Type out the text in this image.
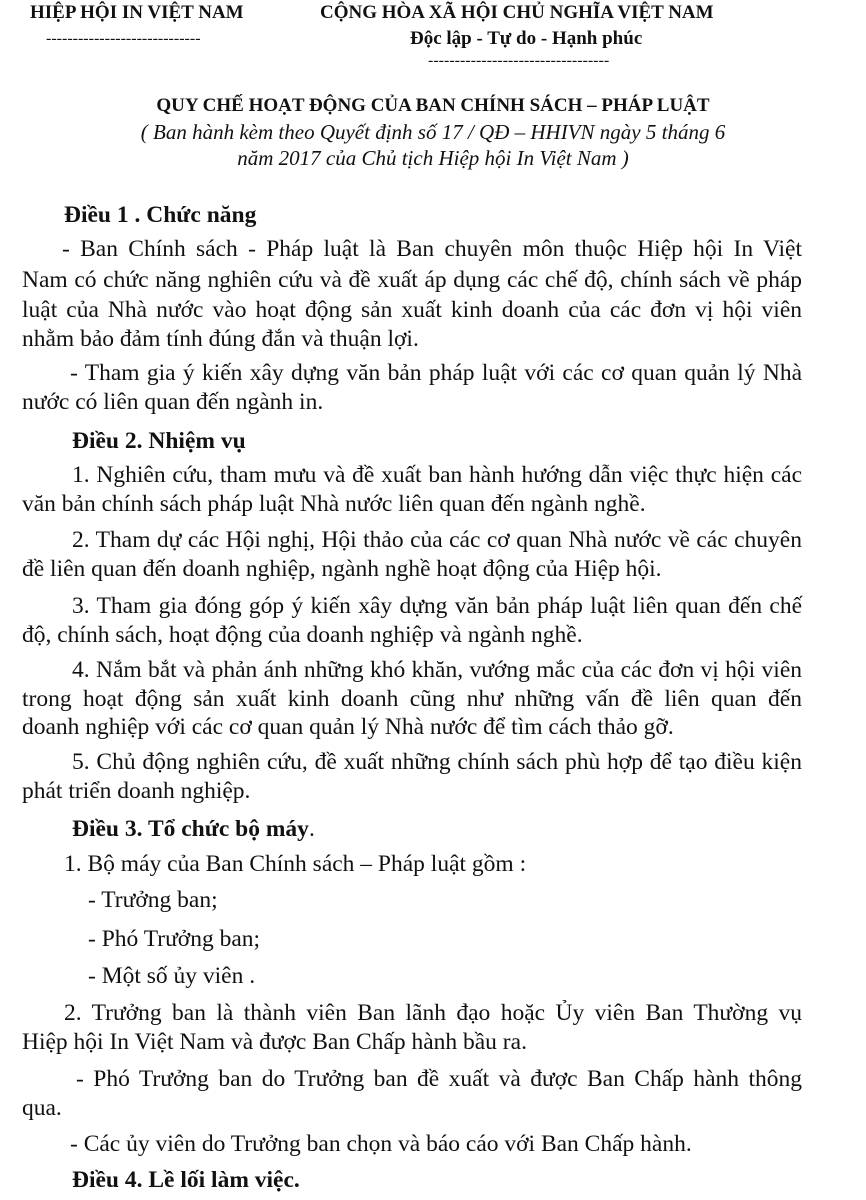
HIỆP HỘI IN VIỆT NAM
-----------------------------
CỘNG HÒA XÃ HỘI CHỦ NGHĨA VIỆT NAM
Độc lập - Tự do - Hạnh phúc
----------------------------------
QUY CHẾ HOẠT ĐỘNG CỦA BAN CHÍNH SÁCH – PHÁP LUẬT
( Ban hành kèm theo Quyết định số 17 / QĐ – HHIVN ngày 5 tháng 6
năm 2017 của Chủ tịch Hiệp hội In Việt Nam )
Điều 1 . Chức năng
- Ban Chính sách - Pháp luật là Ban chuyên môn thuộc Hiệp hội In Việt
Nam có chức năng nghiên cứu và đề xuất áp dụng các chế độ, chính sách về pháp
luật của Nhà nước vào hoạt động sản xuất kinh doanh của các đơn vị hội viên
nhằm bảo đảm tính đúng đắn và thuận lợi.
- Tham gia ý kiến xây dựng văn bản pháp luật với các cơ quan quản lý Nhà
nước có liên quan đến ngành in.
Điều 2. Nhiệm vụ
1. Nghiên cứu, tham mưu và đề xuất ban hành hướng dẫn việc thực hiện các
văn bản chính sách pháp luật Nhà nước liên quan đến ngành nghề.
2. Tham dự các Hội nghị, Hội thảo của các cơ quan Nhà nước về các chuyên
đề liên quan đến doanh nghiệp, ngành nghề hoạt động của Hiệp hội.
3. Tham gia đóng góp ý kiến xây dựng văn bản pháp luật liên quan đến chế
độ, chính sách, hoạt động của doanh nghiệp và ngành nghề.
4. Nắm bắt và phản ánh những khó khăn, vướng mắc của các đơn vị hội viên
trong hoạt động sản xuất kinh doanh cũng như những vấn đề liên quan đến
doanh nghiệp với các cơ quan quản lý Nhà nước để tìm cách thảo gỡ.
5. Chủ động nghiên cứu, đề xuất những chính sách phù hợp để tạo điều kiện
phát triển doanh nghiệp.
Điều 3. Tổ chức bộ máy.
1. Bộ máy của Ban Chính sách – Pháp luật gồm :
- Trưởng ban;
- Phó Trưởng ban;
- Một số ủy viên .
2. Trưởng ban là thành viên Ban lãnh đạo hoặc Ủy viên Ban Thường vụ
Hiệp hội In Việt Nam và được Ban Chấp hành bầu ra.
- Phó Trưởng ban do Trưởng ban đề xuất và được Ban Chấp hành thông
qua.
- Các ủy viên do Trưởng ban chọn và báo cáo với Ban Chấp hành.
Điều 4. Lề lối làm việc.
